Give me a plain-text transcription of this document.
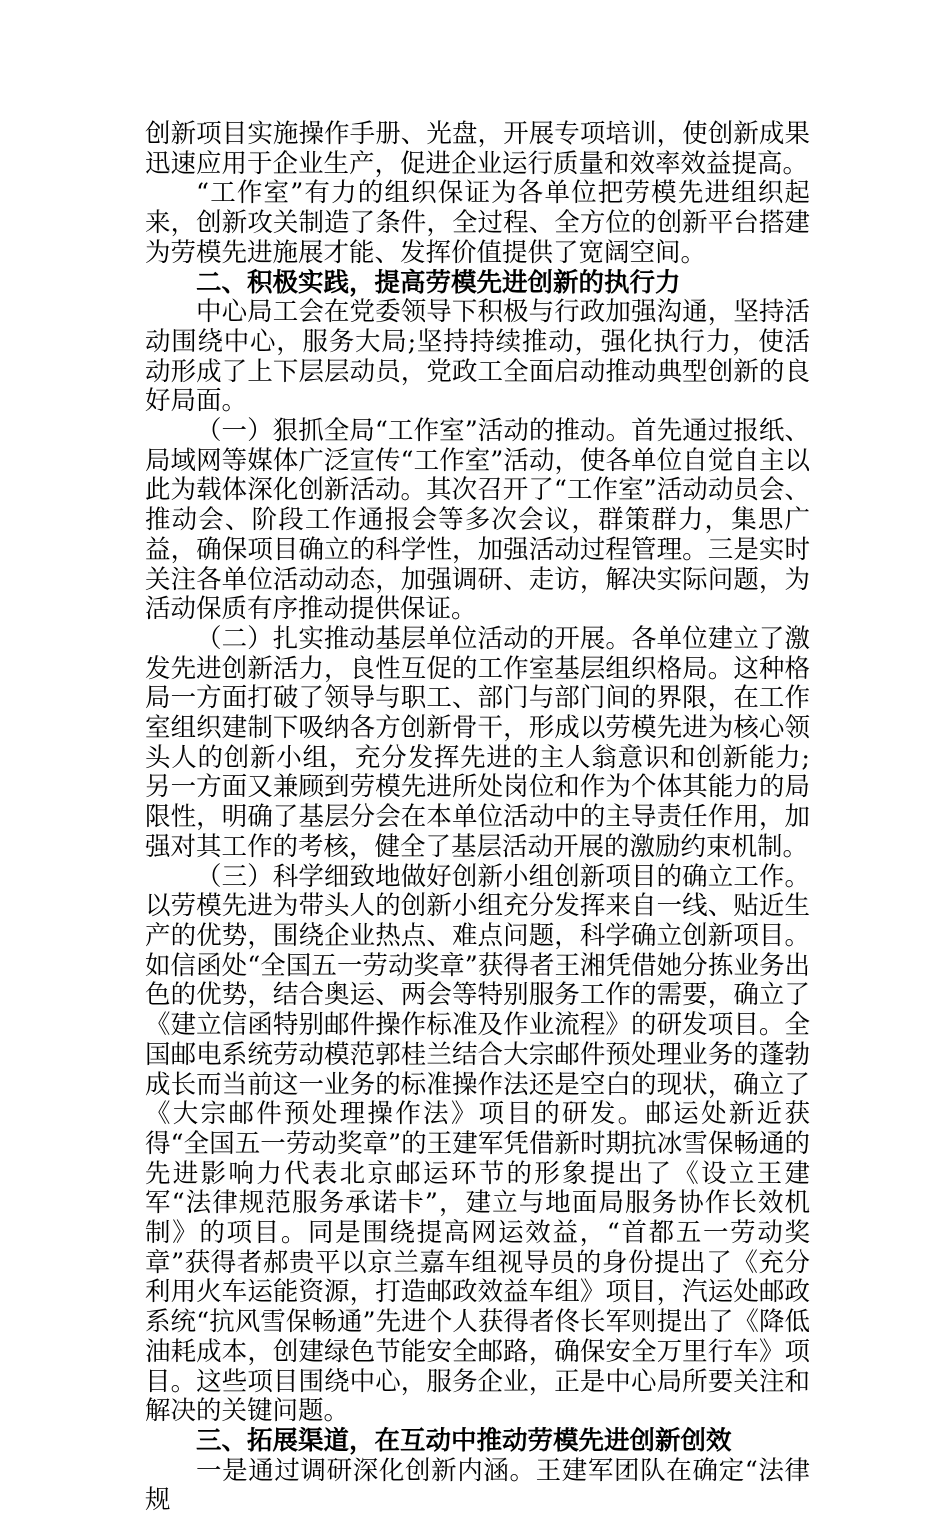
创新项目实施操作手册、光盘，开展专项培训，使创新成果迅速应用于企业生产，促进企业运行质量和效率效益提高。

“工作室”有力的组织保证为各单位把劳模先进组织起来，创新攻关制造了条件，全过程、全方位的创新平台搭建为劳模先进施展才能、发挥价值提供了宽阔空间。

二、积极实践，提高劳模先进创新的执行力

中心局工会在党委领导下积极与行政加强沟通，坚持活动围绕中心，服务大局;坚持持续推动，强化执行力，使活动形成了上下层层动员，党政工全面启动推动典型创新的良好局面。

（一）狠抓全局“工作室”活动的推动。首先通过报纸、局域网等媒体广泛宣传“工作室”活动，使各单位自觉自主以此为载体深化创新活动。其次召开了“工作室”活动动员会、推动会、阶段工作通报会等多次会议，群策群力，集思广益，确保项目确立的科学性，加强活动过程管理。三是实时关注各单位活动动态，加强调研、走访，解决实际问题，为活动保质有序推动提供保证。

（二）扎实推动基层单位活动的开展。各单位建立了激发先进创新活力，良性互促的工作室基层组织格局。这种格局一方面打破了领导与职工、部门与部门间的界限，在工作室组织建制下吸纳各方创新骨干，形成以劳模先进为核心领头人的创新小组，充分发挥先进的主人翁意识和创新能力;另一方面又兼顾到劳模先进所处岗位和作为个体其能力的局限性，明确了基层分会在本单位活动中的主导责任作用，加强对其工作的考核，健全了基层活动开展的激励约束机制。

（三）科学细致地做好创新小组创新项目的确立工作。以劳模先进为带头人的创新小组充分发挥来自一线、贴近生产的优势，围绕企业热点、难点问题，科学确立创新项目。如信函处“全国五一劳动奖章”获得者王湘凭借她分拣业务出色的优势，结合奥运、两会等特别服务工作的需要，确立了《建立信函特别邮件操作标准及作业流程》的研发项目。全国邮电系统劳动模范郭桂兰结合大宗邮件预处理业务的蓬勃成长而当前这一业务的标准操作法还是空白的现状，确立了《大宗邮件预处理操作法》项目的研发。邮运处新近获得“全国五一劳动奖章”的王建军凭借新时期抗冰雪保畅通的先进影响力代表北京邮运环节的形象提出了《设立王建军“法律规范服务承诺卡”，建立与地面局服务协作长效机制》的项目。同是围绕提高网运效益，“首都五一劳动奖章”获得者郝贵平以京兰嘉车组视导员的身份提出了《充分利用火车运能资源，打造邮政效益车组》项目，汽运处邮政系统“抗风雪保畅通”先进个人获得者佟长军则提出了《降低油耗成本，创建绿色节能安全邮路，确保安全万里行车》项目。这些项目围绕中心，服务企业，正是中心局所要关注和解决的关键问题。

三、拓展渠道，在互动中推动劳模先进创新创效

一是通过调研深化创新内涵。王建军团队在确定“法律规
